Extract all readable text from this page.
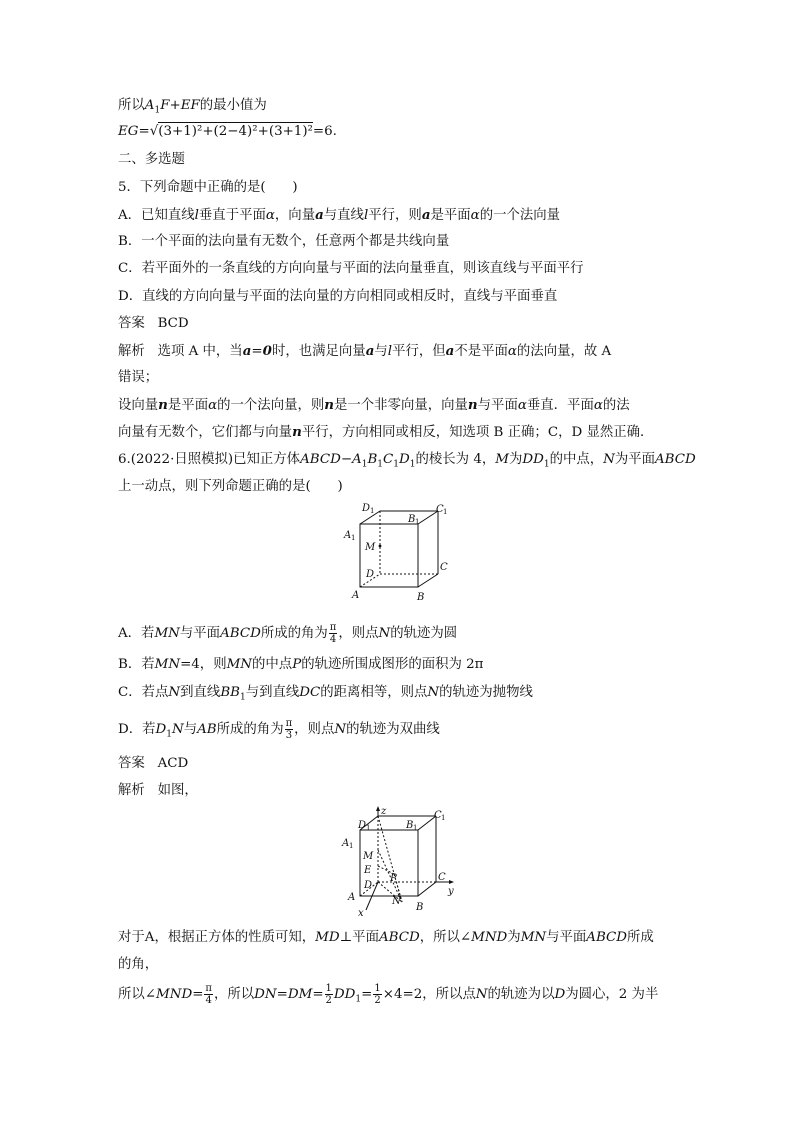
所以$A_1F+EF$的最小值为
EG=√(3+1)²+(2−4)²+(3+1)²=6.
二、多选题
5．下列命题中正确的是(　　)
A．已知直线l垂直于平面α，向量a与直线l平行，则a是平面α的一个法向量
B．一个平面的法向量有无数个，任意两个都是共线向量
C．若平面外的一条直线的方向向量与平面的法向量垂直，则该直线与平面平行
D．直线的方向向量与平面的法向量的方向相同或相反时，直线与平面垂直
答案 BCD
解析 选项 A 中，当a=0时，也满足向量a与l平行，但a不是平面α的法向量，故 A
错误；
设向量n是平面α的一个法向量，则n是一个非零向量，向量n与平面α垂直．平面α的法
向量有无数个，它们都与向量n平行，方向相同或相反，知选项 B 正确；C，D 显然正确．
6.(2022·日照模拟)已知正方体$ABCD-A_1B_1C_1D_1$的棱长为 4，M为$DD_1$的中点，N为平面ABCD
上一动点，则下列命题正确的是(　　)
D 1
B 1
C 1
A 1
M
D
C
A	B
A．若MN与平面ABCD所成的角为 $\frac{\pi}{4}$ ，则点N的轨迹为圆
B．若MN=4，则MN的中点P的轨迹所围成图形的面积为 2π
C．若点N到直线$BB_1$与到直线DC的距离相等，则点N的轨迹为抛物线
D．若$D_1N$与AB所成的角为 $\frac{\pi}{3}$ ，则点N的轨迹为双曲线
答案 ACD
解析 如图，
z
D 1	B 1
C 1
A 1
M
E
P
D
C
A	N
B
x
y
对于A，根据正方体的性质可知，MD⊥平面ABCD，所以∠MND为MN与平面ABCD所成
的角，
所以∠MND= $\frac{\pi}{4}$ ，所以$DN=DM= \frac{1}{2} DD_1= \frac{1}{2} \times 4=2$，所以点N的轨迹为以D为圆心，2 为半
